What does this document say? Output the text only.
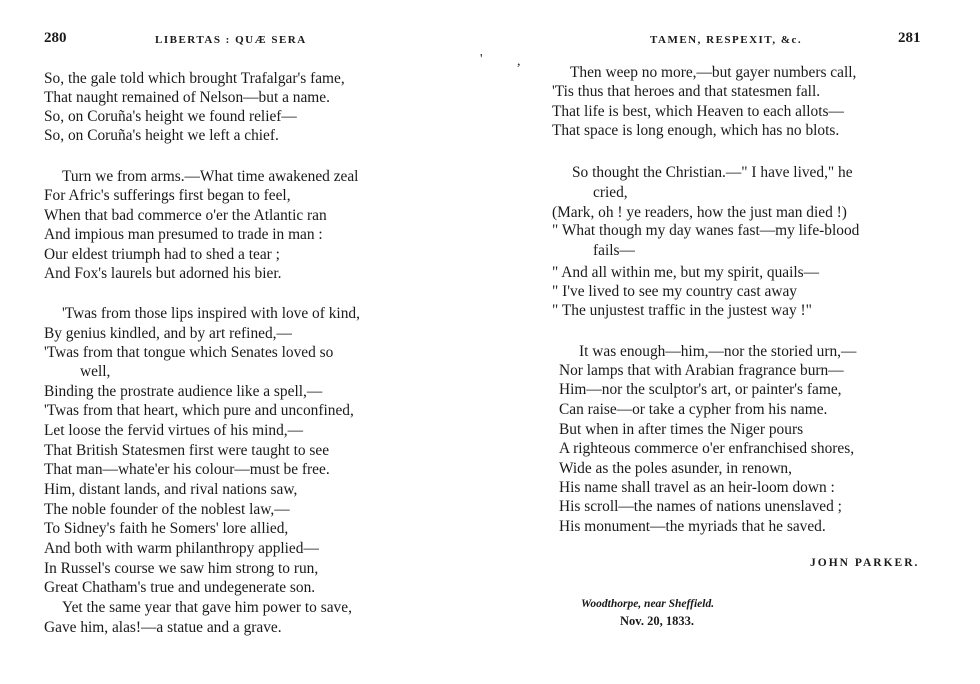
280	LIBERTAS : QUÆ SERA
So, the gale told which brought Trafalgar's fame,
That naught remained of Nelson—but a name.
So, on Coruña's height we found relief—
So, on Coruña's height we left a chief.
Turn we from arms.—What time awakened zeal
For Afric's sufferings first began to feel,
When that bad commerce o'er the Atlantic ran
And impious man presumed to trade in man :
Our eldest triumph had to shed a tear ;
And Fox's laurels but adorned his bier.
'Twas from those lips inspired with love of kind,
By genius kindled, and by art refined,—
'Twas from that tongue which Senates loved so
well,
Binding the prostrate audience like a spell,—
'Twas from that heart, which pure and unconfined,
Let loose the fervid virtues of his mind,—
That British Statesmen first were taught to see
That man—whate'er his colour—must be free.
Him, distant lands, and rival nations saw,
The noble founder of the noblest law,—
To Sidney's faith he Somers' lore allied,
And both with warm philanthropy applied—
In Russel's course we saw him strong to run,
Great Chatham's true and undegenerate son.
Yet the same year that gave him power to save,
Gave him, alas!—a statue and a grave.
'
TAMEN, RESPEXIT, &c.	281
Then weep no more,—but gayer numbers call,
'Tis thus that heroes and that statesmen fall.
That life is best, which Heaven to each allots—
That space is long enough, which has no blots.
So thought the Christian.—" I have lived," he
cried,
(Mark, oh ! ye readers, how the just man died !)
" What though my day wanes fast—my life-blood
fails—
" And all within me, but my spirit, quails—
" I've lived to see my country cast away
" The unjustest traffic in the justest way !"
It was enough—him,—nor the storied urn,—
Nor lamps that with Arabian fragrance burn—
Him—nor the sculptor's art, or painter's fame,
Can raise—or take a cypher from his name.
But when in after times the Niger pours
A righteous commerce o'er enfranchised shores,
Wide as the poles asunder, in renown,
His name shall travel as an heir-loom down :
His scroll—the names of nations unenslaved ;
His monument—the myriads that he saved.
JOHN PARKER.
Woodthorpe, near Sheffield.
Nov. 20, 1833.
,
